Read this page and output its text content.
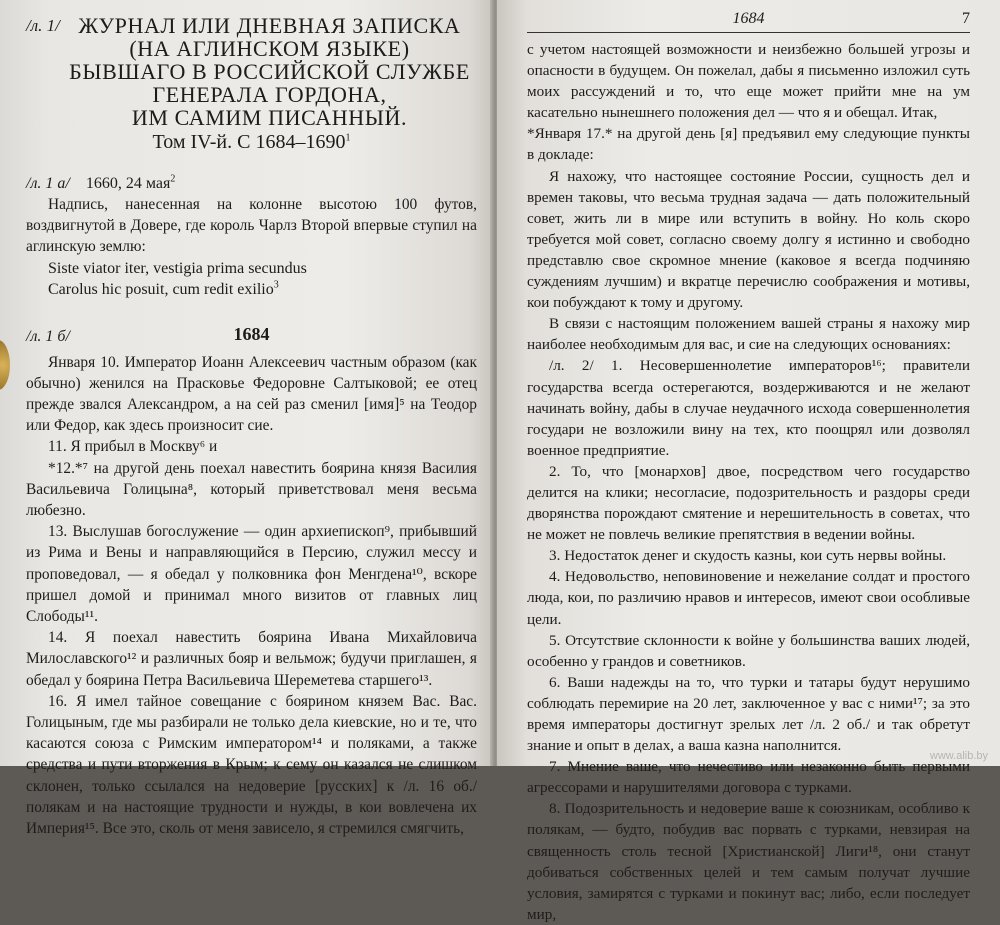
/л. 1/ ЖУРНАЛ ИЛИ ДНЕВНАЯ ЗАПИСКА
(НА АГЛИНСКОМ ЯЗЫКЕ)
БЫВШАГО В РОССИЙСКОЙ СЛУЖБЕ
ГЕНЕРАЛА ГОРДОНА,
ИМ САМИМ ПИСАННЫЙ.
Том IV-й. С 1684–1690$^1$
/л. 1 а/ 1660, 24 мая$^2$

Надпись, нанесенная на колонне высотою 100 футов, воздвигнутой в Довере, где король Чарлз Второй впервые ступил на аглинскую землю:

Siste viator iter, vestigia prima secundus
Carolus hic posuit, cum redit exilio$^3$
/л. 1 б/	1684

Января 10. Император Иоанн Алексеевич частным образом (как обычно) женился на Прасковье Федоровне Салтыковой; ее отец прежде звался Александром, а на сей раз сменил [имя]⁵ на Теодор или Федор, как здесь произносит сие.

11. Я прибыл в Москву⁶ и

*12.*⁷ на другой день поехал навестить боярина князя Василия Васильевича Голицына⁸, который приветствовал меня весьма любезно.

13. Выслушав богослужение — один архиепископ⁹, прибывший из Рима и Вены и направляющийся в Персию, служил мессу и проповедовал, — я обедал у полковника фон Менгдена¹⁰, вскоре пришел домой и принимал много визитов от главных лиц Слободы¹¹.

14. Я поехал навестить боярина Ивана Михайловича Милославского¹² и различных бояр и вельмож; будучи приглашен, я обедал у боярина Петра Васильевича Шереметева старшего¹³.

16. Я имел тайное совещание с боярином князем Вас. Вас. Голицыным, где мы разбирали не только дела киевские, но и те, что касаются союза с Римским императором¹⁴ и поляками, а также средства и пути вторжения в Крым; к сему он казался не слишком склонен, только ссылался на недоверие [русских] к /л. 16 об./ полякам и на настоящие трудности и нужды, в кои вовлечена их Империя¹⁵. Все это, сколь от меня зависело, я стремился смягчить,

1684	7

с учетом настоящей возможности и неизбежно большей угрозы и опасности в будущем. Он пожелал, дабы я письменно изложил суть моих рассуждений и то, что еще может прийти мне на ум касательно нынешнего положения дел — что я и обещал. Итак,

*Января 17.* на другой день [я] предъявил ему следующие пункты в докладе:

Я нахожу, что настоящее состояние России, сущность дел и времен таковы, что весьма трудная задача — дать положительный совет, жить ли в мире или вступить в войну. Но коль скоро требуется мой совет, согласно своему долгу я истинно и свободно представлю свое скромное мнение (каковое я всегда подчиняю суждениям лучшим) и вкратце перечислю соображения и мотивы, кои побуждают к тому и другому.

В связи с настоящим положением вашей страны я нахожу мир наиболее необходимым для вас, и сие на следующих основаниях:

/л. 2/ 1. Несовершеннолетие императоров¹⁶; правители государства всегда остерегаются, воздерживаются и не желают начинать войну, дабы в случае неудачного исхода совершеннолетия государи не возложили вину на тех, кто поощрял или дозволял военное предприятие.

2. То, что [монархов] двое, посредством чего государство делится на клики; несогласие, подозрительность и раздоры среди дворянства порождают смятение и нерешительность в советах, что не может не повлечь великие препятствия в ведении войны.

3. Недостаток денег и скудость казны, кои суть нервы войны.

4. Недовольство, неповиновение и нежелание солдат и простого люда, кои, по различию нравов и интересов, имеют свои особливые цели.

5. Отсутствие склонности к войне у большинства ваших людей, особенно у грандов и советников.

6. Ваши надежды на то, что турки и татары будут нерушимо соблюдать перемирие на 20 лет, заключенное у вас с ними¹⁷; за это время императоры достигнут зрелых лет /л. 2 об./ и так обретут знание и опыт в делах, а ваша казна наполнится.

7. Мнение ваше, что нечестиво или незаконно быть первыми агрессорами и нарушителями договора с турками.

8. Подозрительность и недоверие ваше к союзникам, особливо к полякам, — будто, побудив вас порвать с турками, невзирая на священность столь тесной [Христианской] Лиги¹⁸, они станут добиваться собственных целей и тем самым получат лучшие условия, замирятся с турками и покинут вас; либо, если последует мир,

www.alib.by
